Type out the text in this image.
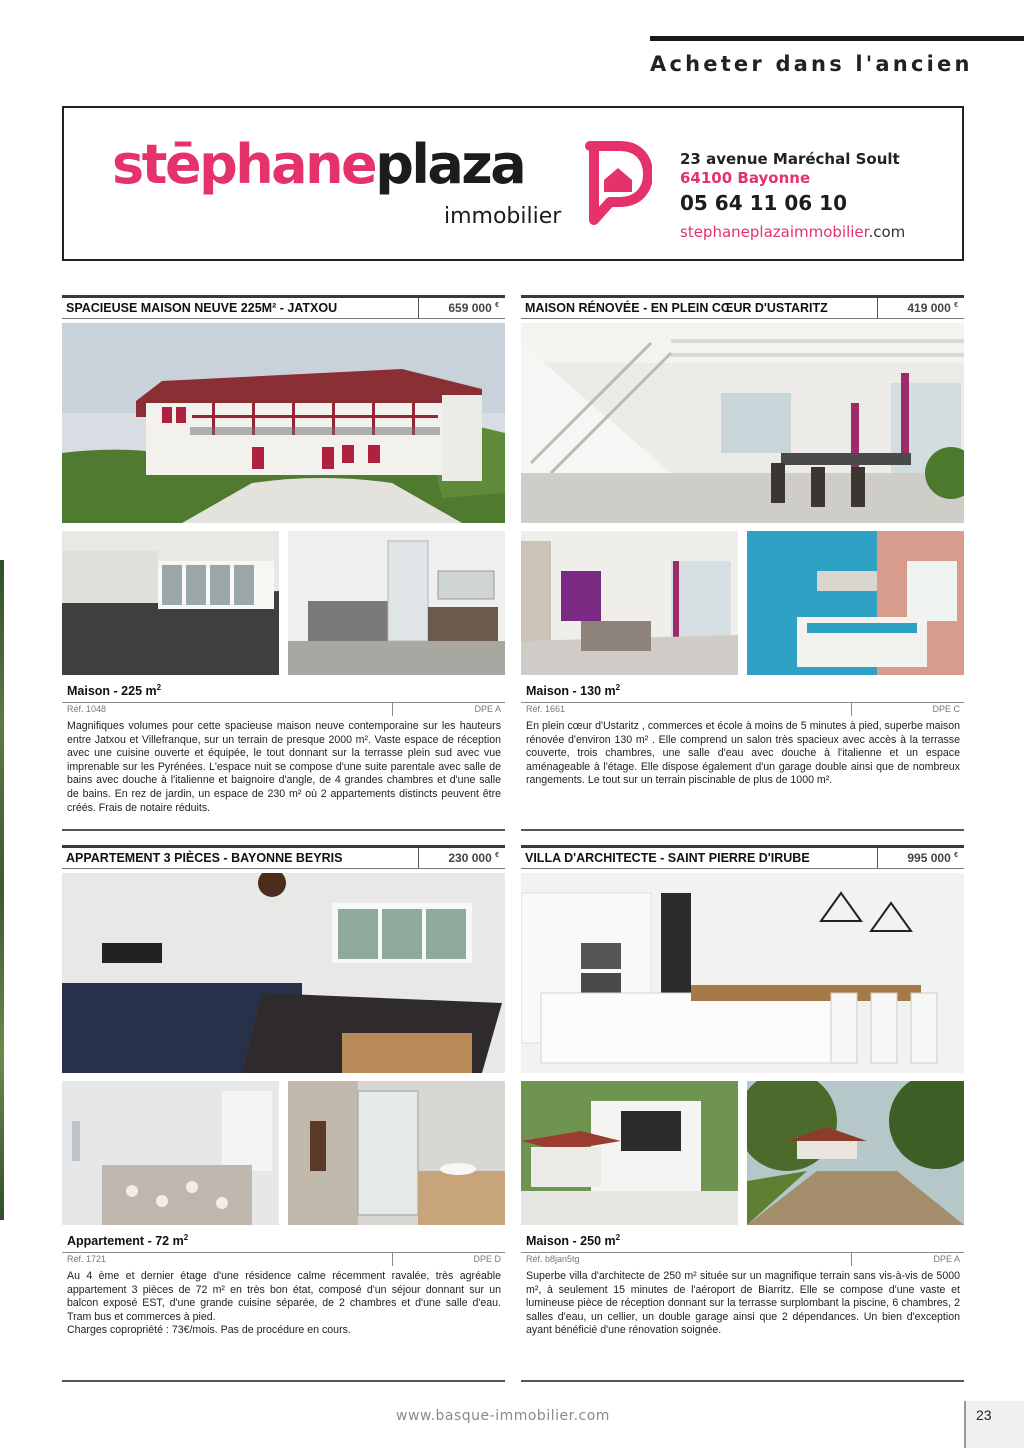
Acheter dans l'ancien
stēphaneplaza
immobilier
23 avenue Maréchal Soult
64100 Bayonne
05 64 11 06 10
stephaneplazaimmobilier.com
SPACIEUSE MAISON NEUVE 225M² - JATXOU	659 000 €
Maison - 225 $m^2$
Réf. 1048	DPE A
Magnifiques volumes pour cette spacieuse maison neuve contemporaine sur les hauteurs entre Jatxou et Villefranque, sur un terrain de presque 2000 m². Vaste espace de réception avec une cuisine ouverte et équipée, le tout donnant sur la terrasse plein sud avec vue imprenable sur les Pyrénées. L'espace nuit se compose d'une suite parentale avec salle de bains avec douche à l'italienne et baignoire d'angle, de 4 grandes chambres et d'une salle de bains. En rez de jardin, un espace de 230 m² où 2 appartements distincts peuvent être créés. Frais de notaire réduits.
MAISON RÉNOVÉE - EN PLEIN CŒUR D'USTARITZ	419 000 €
Maison - 130 $m^2$
Réf. 1661	DPE C
En plein cœur d'Ustaritz , commerces et école à moins de 5 minutes à pied, superbe maison rénovée d'environ 130 m² . Elle comprend un salon très spacieux avec accès à la terrasse couverte, trois chambres, une salle d'eau avec douche à l'italienne et un espace aménageable à l'étage. Elle dispose également d'un garage double ainsi que de nombreux rangements. Le tout sur un terrain piscinable de plus de 1000 m².
APPARTEMENT 3 PIÈCES - BAYONNE BEYRIS	230 000 €
Appartement - 72 $m^2$
Réf. 1721	DPE D
Au 4 ème et dernier étage d'une résidence calme récemment ravalée, très agréable appartement 3 pièces de 72 m² en très bon état, composé d'un séjour donnant sur un balcon exposé EST, d'une grande cuisine séparée, de 2 chambres et d'une salle d'eau. Tram bus et commerces à pied.
Charges copropriété : 73€/mois. Pas de procédure en cours.
VILLA D'ARCHITECTE - SAINT PIERRE D'IRUBE	995 000 €
Maison - 250 $m^2$
Réf. b8jan5tg	DPE A
Superbe villa d'architecte de 250 m² située sur un magnifique terrain sans vis-à-vis de 5000 m², à seulement 15 minutes de l'aéroport de Biarritz. Elle se compose d'une vaste et lumineuse pièce de réception donnant sur la terrasse surplombant la piscine, 6 chambres, 2 salles d'eau, un cellier, un double garage ainsi que 2 dépendances. Un bien d'exception ayant bénéficié d'une rénovation soignée.
www.basque-immobilier.com	23
